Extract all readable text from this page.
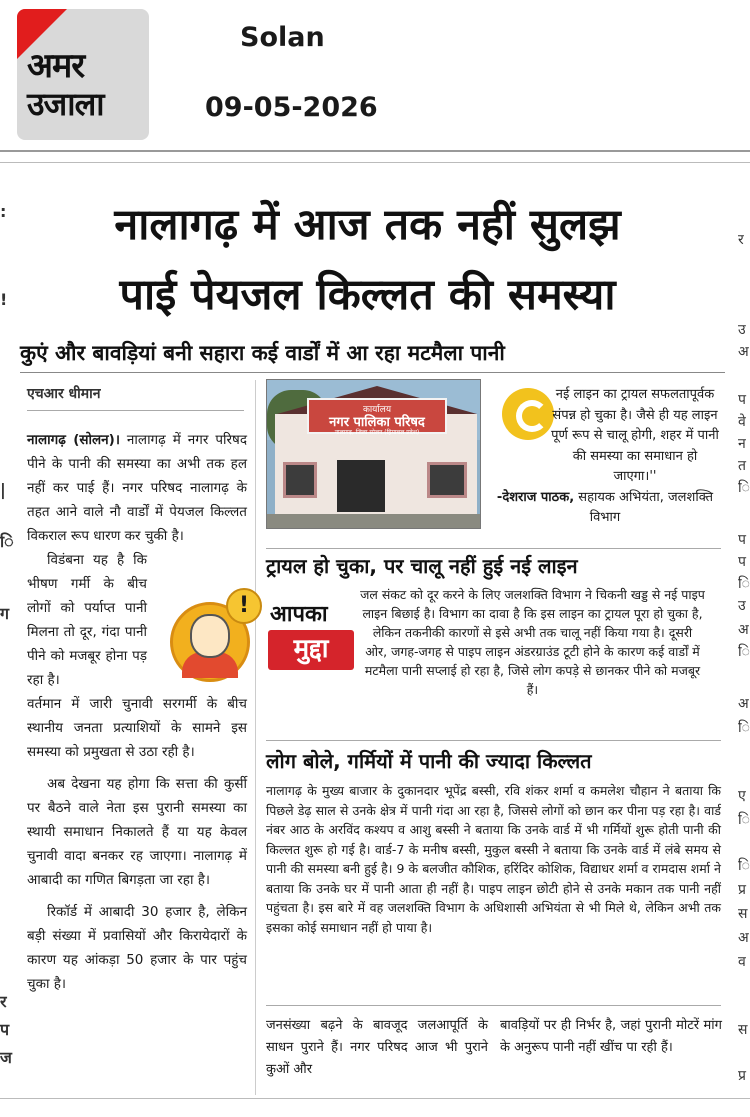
अमर
उजाला
Solan
09-05-2026
:
!
|
ि
ग
र
प
ज
र
उ
अ
प
वे
न
त
ि
प
प
ि
उ
अ
ि
अ
ि
ए
ि
ि
प्र
स
अ
व
स
प्र
नालागढ़ में आज तक नहीं सुलझ
पाई पेयजल किल्लत की समस्या
कुएं और बावड़ियां बनी सहारा कई वार्डों में आ रहा मटमैला पानी
एचआर धीमान

नालागढ़ (सोलन)। नालागढ़ में नगर परिषद पीने के पानी की समस्या का अभी तक हल नहीं कर पाई हैं। नगर परिषद नालागढ़ के तहत आने वाले नौ वार्डों में पेयजल किल्लत विकराल रूप धारण कर चुकी है।

विडंबना यह है कि भीषण गर्मी के बीच लोगों को पर्याप्त पानी मिलना तो दूर, गंदा पानी पीने को मजबूर होना पड़ रहा है।

वर्तमान में जारी चुनावी सरगर्मी के बीच स्थानीय जनता प्रत्याशियों के सामने इस समस्या को प्रमुखता से उठा रही है।

अब देखना यह होगा कि सत्ता की कुर्सी पर बैठने वाले नेता इस पुरानी समस्या का स्थायी समाधान निकालते हैं या यह केवल चुनावी वादा बनकर रह जाएगा। नालागढ़ में आबादी का गणित बिगड़ता जा रहा है।

रिकॉर्ड में आबादी 30 हजार है, लेकिन बड़ी संख्या में प्रवासियों और किरायेदारों के कारण यह आंकड़ा 50 हजार के पार पहुंच चुका है।

कार्यालय
नगर पालिका परिषद
नालागढ़, जिला सोलन (हिमाचल प्रदेश)
नई लाइन का ट्रायल सफलतापूर्वक संपन्न हो चुका है। जैसे ही यह लाइन पूर्ण रूप से चालू होगी, शहर में पानी की समस्या का समाधान हो जाएगा।''
-देशराज पाठक, सहायक अभियंता, जलशक्ति विभाग
ट्रायल हो चुका, पर चालू नहीं हुई नई लाइन
! आपका
मुद्दा
जल संकट को दूर करने के लिए जलशक्ति विभाग ने चिकनी खड्ड से नई पाइप लाइन बिछाई है। विभाग का दावा है कि इस लाइन का ट्रायल पूरा हो चुका है, लेकिन तकनीकी कारणों से इसे अभी तक चालू नहीं किया गया है। दूसरी ओर, जगह-जगह से पाइप लाइन अंडरग्राउंड टूटी होने के कारण कई वार्डों में मटमैला पानी सप्लाई हो रहा है, जिसे लोग कपड़े से छानकर पीने को मजबूर हैं।
लोग बोले, गर्मियों में पानी की ज्यादा किल्लत
नालागढ़ के मुख्य बाजार के दुकानदार भूपेंद्र बस्सी, रवि शंकर शर्मा व कमलेश चौहान ने बताया कि पिछले डेढ़ साल से उनके क्षेत्र में पानी गंदा आ रहा है, जिससे लोगों को छान कर पीना पड़ रहा है। वार्ड नंबर आठ के अरविंद कश्यप व आशु बस्सी ने बताया कि उनके वार्ड में भी गर्मियों शुरू होती पानी की किल्लत शुरू हो गई है। वार्ड-7 के मनीष बस्सी, मुकुल बस्सी ने बताया कि उनके वार्ड में लंबे समय से पानी की समस्या बनी हुई है। 9 के बलजीत कौशिक, हरिंदिर कोशिक, विद्याधर शर्मा व रामदास शर्मा ने बताया कि उनके घर में पानी आता ही नहीं है। पाइप लाइन छोटी होने से उनके मकान तक पानी नहीं पहुंचता है। इस बारे में वह जलशक्ति विभाग के अधिशासी अभियंता से भी मिले थे, लेकिन अभी तक इसका कोई समाधान नहीं हो पाया है।
जनसंख्या बढ़ने के बावजूद जलआपूर्ति के साधन पुराने हैं। नगर परिषद आज भी पुराने कुओं और
बावड़ियों पर ही निर्भर है, जहां पुरानी मोटरें मांग के अनुरूप पानी नहीं खींच पा रही हैं।
